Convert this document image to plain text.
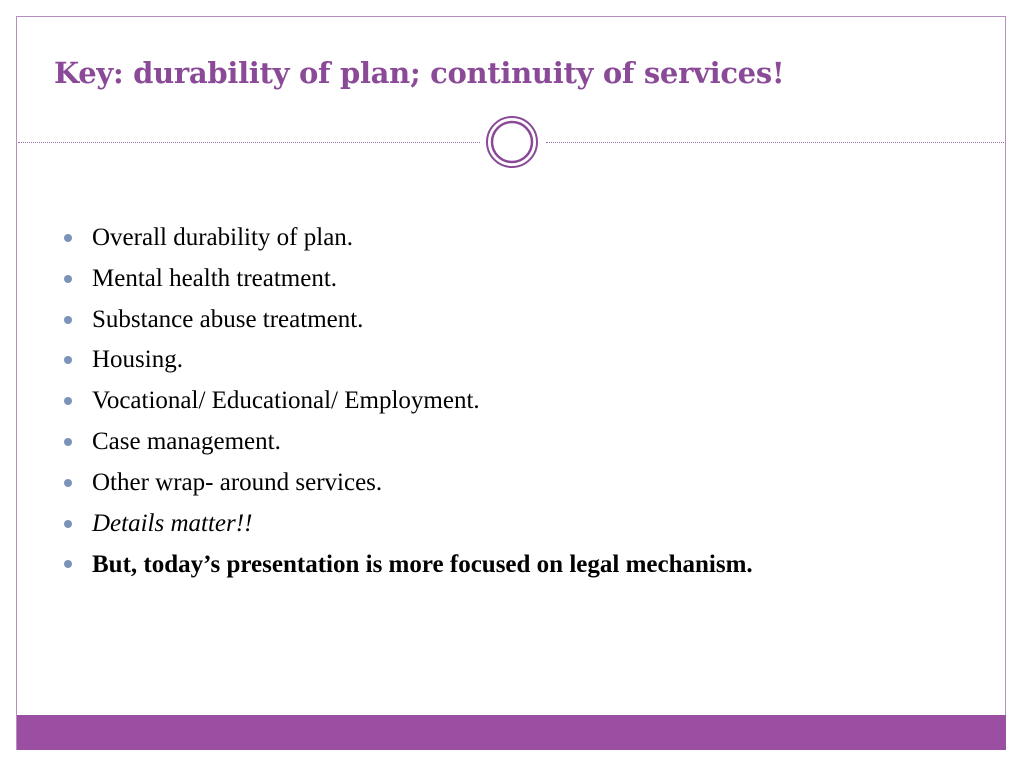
Key: durability of plan; continuity of services!
Overall durability of plan.
Mental health treatment.
Substance abuse treatment.
Housing.
Vocational/ Educational/ Employment.
Case management.
Other wrap- around services.
Details matter!!
But, today’s presentation is more focused on legal mechanism.
